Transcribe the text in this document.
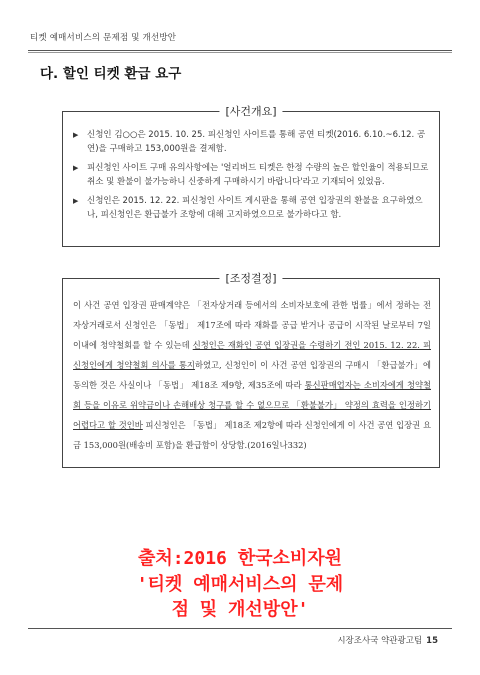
티켓 예매서비스의 문제점 및 개선방안
다. 할인 티켓 환급 요구
[사건개요]
▶ 신청인 김○○은 2015. 10. 25. 피신청인 사이트를 통해 공연 티켓(2016. 6.10.~6.12. 공연)을 구매하고 153,000원을 결제함.
▶ 피신청인 사이트 구매 유의사항에는 '얼리버드 티켓은 한정 수량의 높은 할인율이 적용되므로 취소 및 환불이 불가능하니 신중하게 구매하시기 바랍니다'라고 기재되어 있었음.
▶ 신청인은 2015. 12. 22. 피신청인 사이트 게시판을 통해 공연 입장권의 환불을 요구하였으나, 피신청인은 환급불가 조항에 대해 고지하였으므로 불가하다고 함.
[조정결정]
이 사건 공연 입장권 판매계약은 「전자상거래 등에서의 소비자보호에 관한 법률」에서 정하는 전자상거래로서 신청인은 「동법」 제17조에 따라 재화를 공급 받거나 공급이 시작된 날로부터 7일 이내에 청약철회를 할 수 있는데 신청인은 재화인 공연 입장권을 수령하기 전인 2015. 12. 22. 피신청인에게 청약철회 의사를 통지하였고, 신청인이 이 사건 공연 입장권의 구매시 「환급불가」에 동의한 것은 사실이나 「동법」 제18조 제9항, 제35조에 따라 통신판매업자는 소비자에게 청약철회 등을 이유로 위약금이나 손해배상 청구를 할 수 없으므로 「환불불가」 약정의 효력을 인정하기 어렵다고 할 것인바 피신청인은 「동법」 제18조 제2항에 따라 신청인에게 이 사건 공연 입장권 요금 153,000원(배송비 포함)을 환급함이 상당함.(2016일나332)
출처:2016 한국소비자원
'티켓 예매서비스의 문제
점 및 개선방안'
시장조사국 약관광고팀 15
